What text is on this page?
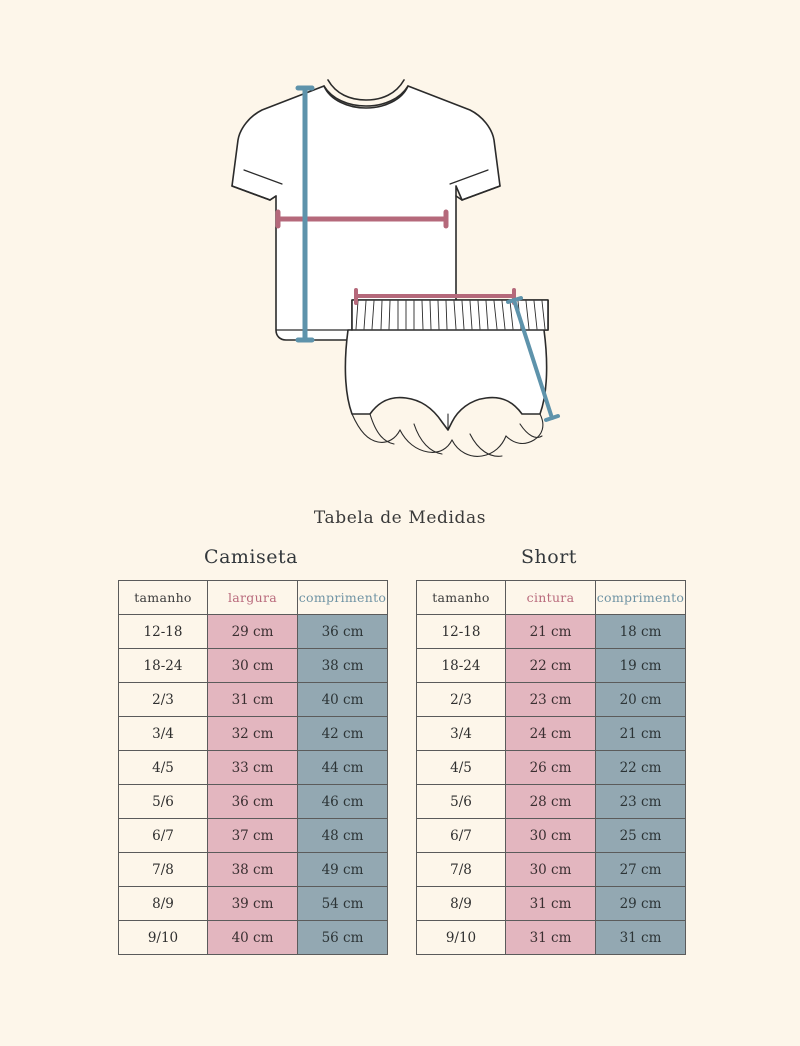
Tabela de Medidas
Camiseta
tamanho	largura	comprimento
12-18	29 cm	36 cm
18-24	30 cm	38 cm
2/3	31 cm	40 cm
3/4	32 cm	42 cm
4/5	33 cm	44 cm
5/6	36 cm	46 cm
6/7	37 cm	48 cm
7/8	38 cm	49 cm
8/9	39 cm	54 cm
9/10	40 cm	56 cm
Short
tamanho	cintura	comprimento
12-18	21 cm	18 cm
18-24	22 cm	19 cm
2/3	23 cm	20 cm
3/4	24 cm	21 cm
4/5	26 cm	22 cm
5/6	28 cm	23 cm
6/7	30 cm	25 cm
7/8	30 cm	27 cm
8/9	31 cm	29 cm
9/10	31 cm	31 cm
